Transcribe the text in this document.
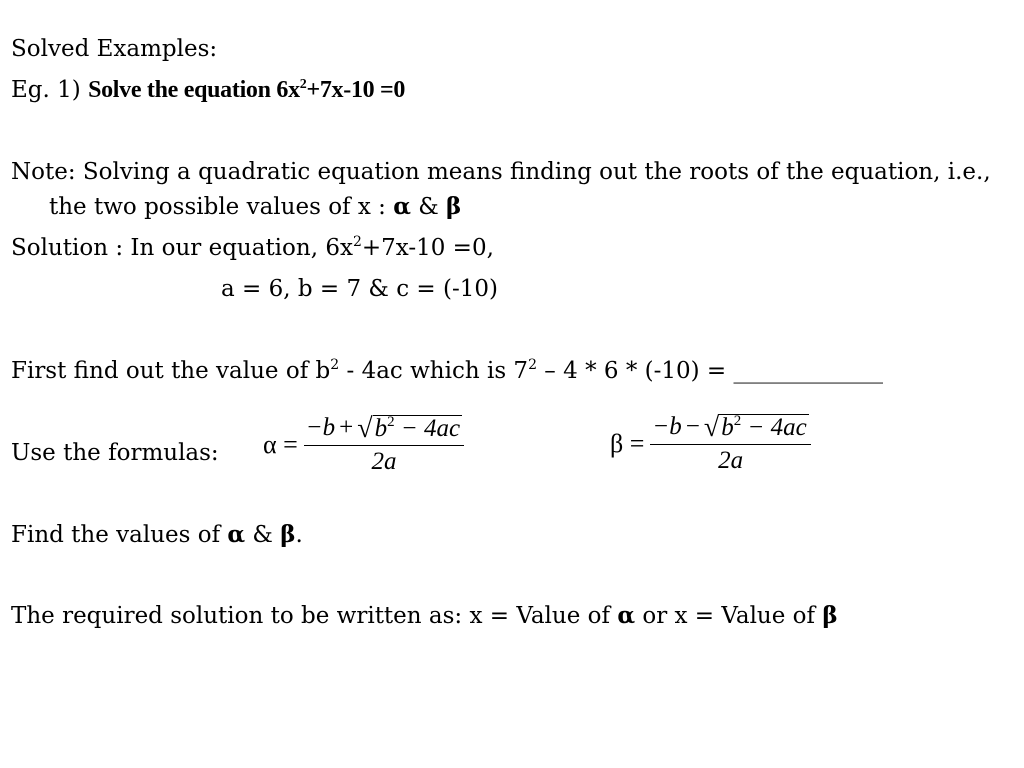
Solved Examples:
Eg. 1) Solve the equation $6x^2+7x-10 =0$
Note: Solving a quadratic equation means finding out the roots of the equation, i.e.,
the two possible values of x : α & β
Solution : In our equation, $6x^2+7x-10 =0$,
a = 6, b = 7 & c = (-10)
First find out the value of $b^2 - 4ac$ which is $7^2 - 4 * 6 * (-10)$ = _____________
Use the formulas: $\alpha = \frac{-b + √ b^2 - 4ac}{2a}$	$\beta = \frac{-b - √ b^2 - 4ac}{2a}$
Find the values of α & β.
The required solution to be written as: x = Value of α or x = Value of β
